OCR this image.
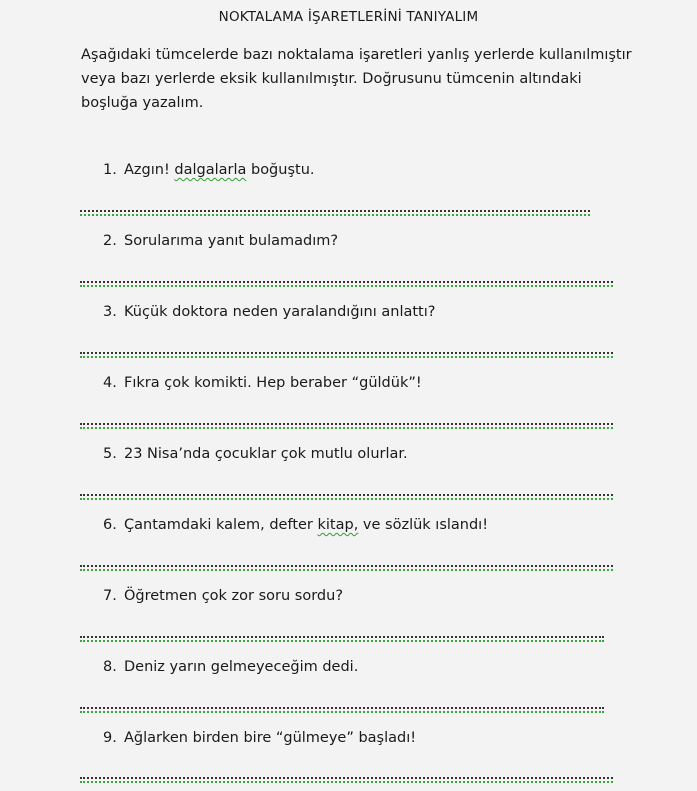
NOKTALAMA İŞARETLERİNİ TANIYALIM
Aşağıdaki tümcelerde bazı noktalama işaretleri yanlış yerlerde kullanılmıştır veya bazı yerlerde eksik kullanılmıştır. Doğrusunu tümcenin altındaki boşluğa yazalım.
1. Azgın! dalgalarla boğuştu.
2. Sorularıma yanıt bulamadım?
3. Küçük doktora neden yaralandığını anlattı?
4. Fıkra çok komikti. Hep beraber “güldük”!
5. 23 Nisa’nda çocuklar çok mutlu olurlar.
6. Çantamdaki kalem, defter kitap, ve sözlük ıslandı!
7. Öğretmen çok zor soru sordu?
8. Deniz yarın gelmeyeceğim dedi.
9. Ağlarken birden bire “gülmeye” başladı!
